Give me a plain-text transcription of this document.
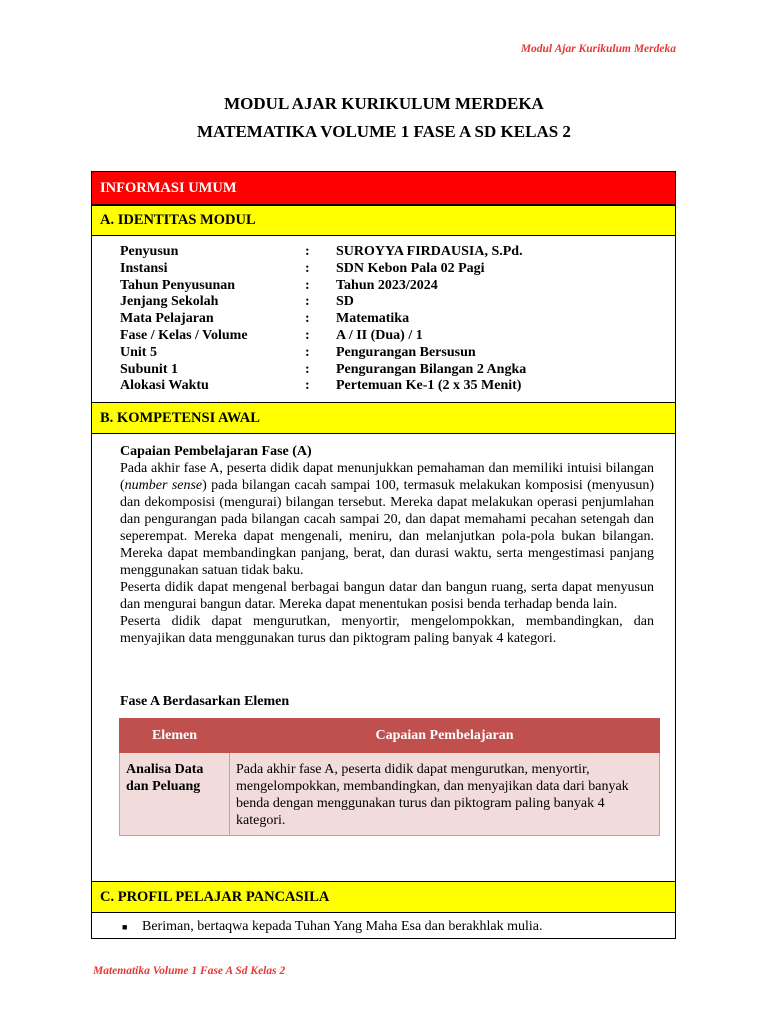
Modul Ajar Kurikulum Merdeka
MODUL AJAR KURIKULUM MERDEKA
MATEMATIKA VOLUME 1 FASE A SD KELAS 2
INFORMASI UMUM
A. IDENTITAS MODUL
Penyusun	:	SUROYYA FIRDAUSIA, S.Pd.
Instansi	:	SDN Kebon Pala 02 Pagi
Tahun Penyusunan	:	Tahun 2023/2024
Jenjang Sekolah	:	SD
Mata Pelajaran	:	Matematika
Fase / Kelas / Volume	:	A / II (Dua) / 1
Unit 5	:	Pengurangan Bersusun
Subunit 1	:	Pengurangan Bilangan 2 Angka
Alokasi Waktu	:	Pertemuan Ke-1 (2 x 35 Menit)
B. KOMPETENSI AWAL
Capaian Pembelajaran Fase (A)
Pada akhir fase A, peserta didik dapat menunjukkan pemahaman dan memiliki intuisi bilangan (number sense) pada bilangan cacah sampai 100, termasuk melakukan komposisi (menyusun) dan dekomposisi (mengurai) bilangan tersebut. Mereka dapat melakukan operasi penjumlahan dan pengurangan pada bilangan cacah sampai 20, dan dapat memahami pecahan setengah dan seperempat. Mereka dapat mengenali, meniru, dan melanjutkan pola-pola bukan bilangan. Mereka dapat membandingkan panjang, berat, dan durasi waktu, serta mengestimasi panjang menggunakan satuan tidak baku.
Peserta didik dapat mengenal berbagai bangun datar dan bangun ruang, serta dapat menyusun dan mengurai bangun datar. Mereka dapat menentukan posisi benda terhadap benda lain.
Peserta didik dapat mengurutkan, menyortir, mengelompokkan, membandingkan, dan menyajikan data menggunakan turus dan piktogram paling banyak 4 kategori.
Fase A Berdasarkan Elemen
Elemen	Capaian Pembelajaran
Analisa Data dan Peluang	Pada akhir fase A, peserta didik dapat mengurutkan, menyortir, mengelompokkan, membandingkan, dan menyajikan data dari banyak benda dengan menggunakan turus dan piktogram paling banyak 4 kategori.
C. PROFIL PELAJAR PANCASILA
■ Beriman, bertaqwa kepada Tuhan Yang Maha Esa dan berakhlak mulia.
Matematika Volume 1 Fase A Sd Kelas 2
